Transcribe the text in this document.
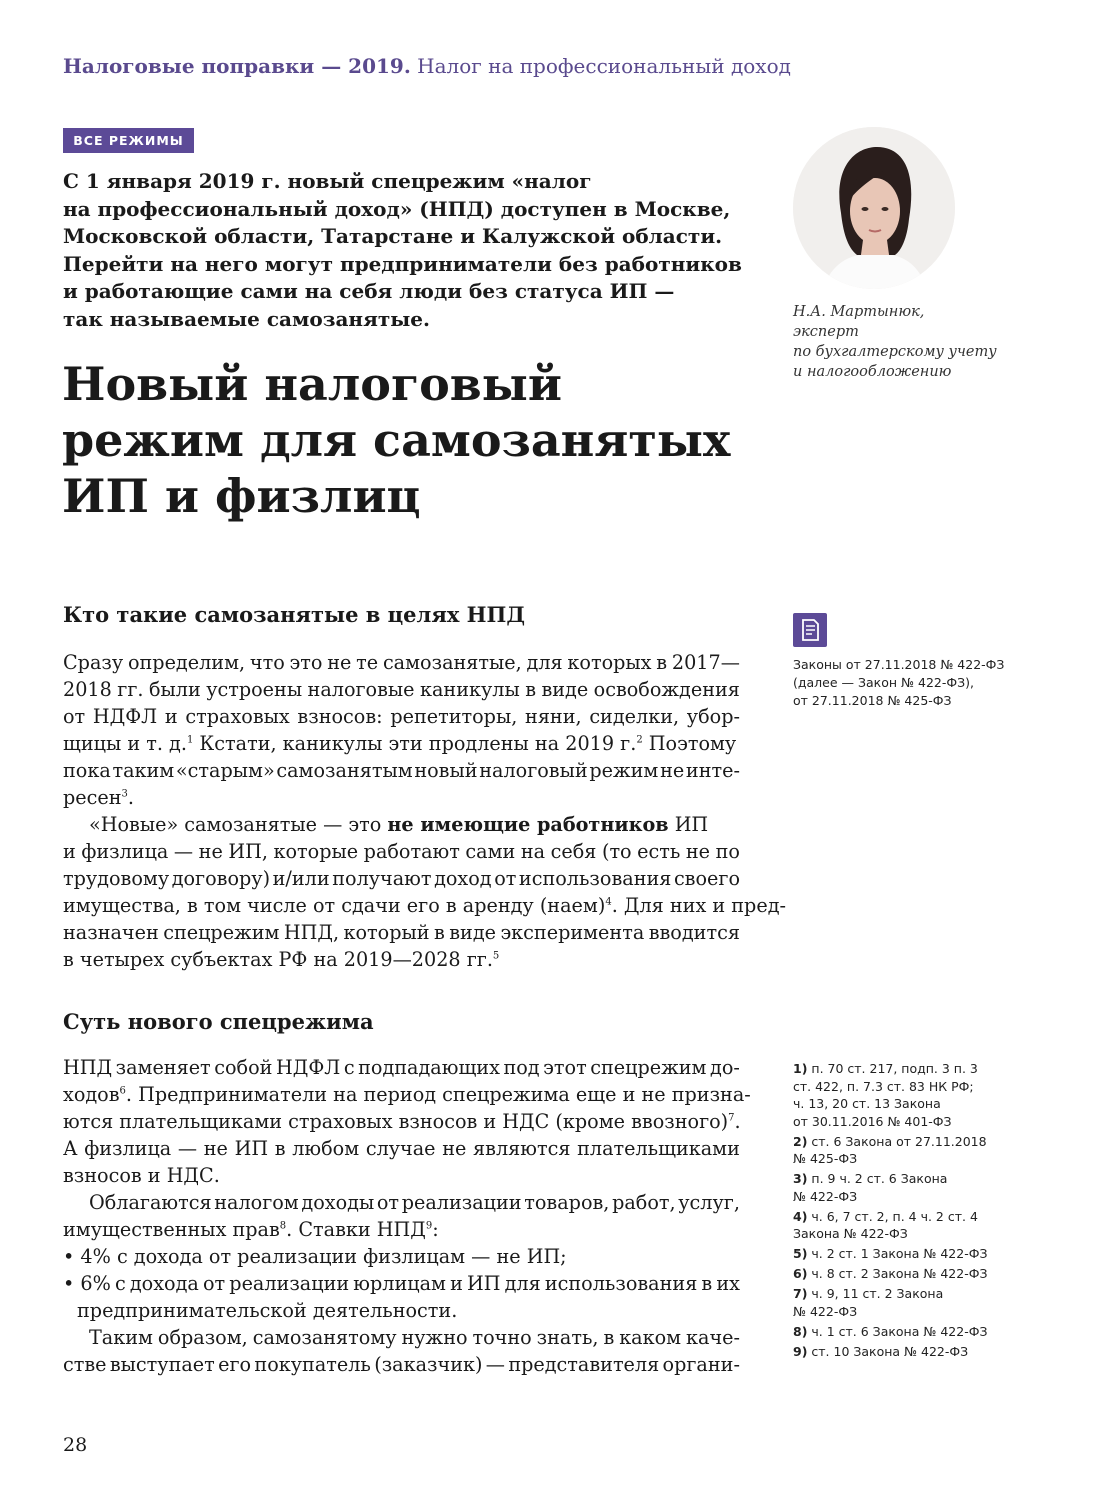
Налоговые поправки — 2019. Налог на профессиональный доход
ВСЕ РЕЖИМЫ
С 1 января 2019 г. новый спецрежим «налог
на профессиональный доход» (НПД) доступен в Москве,
Московской области, Татарстане и Калужской области.
Перейти на него могут предприниматели без работников
и работающие сами на себя люди без статуса ИП —
так называемые самозанятые.
Новый налоговый
режим для самозанятых
ИП и физлиц
Н.А. Мартынюк,
эксперт
по бухгалтерскому учету
и налогообложению
Кто такие самозанятые в целях НПД
Сразу определим, что это не те самозанятые, для которых в 2017—
2018 гг. были устроены налоговые каникулы в виде освобождения
от НДФЛ и страховых взносов: репетиторы, няни, сиделки, убор-
щицы и т. д.$^1$ Кстати, каникулы эти продлены на 2019 г.$^2$ Поэтому
пока таким «старым» самозанятым новый налоговый режим не инте-
ресен$^3$.
«Новые» самозанятые — это не имеющие работников ИП
и физлица — не ИП, которые работают сами на себя (то есть не по
трудовому договору) и/или получают доход от использования своего
имущества, в том числе от сдачи его в аренду (наем)$^4$. Для них и пред-
назначен спецрежим НПД, который в виде эксперимента вводится
в четырех субъектах РФ на 2019—2028 гг.$^5$
Суть нового спецрежима
НПД заменяет собой НДФЛ с подпадающих под этот спецрежим до-
ходов$^6$. Предприниматели на период спецрежима еще и не призна-
ются плательщиками страховых взносов и НДС (кроме ввозного)$^7$.
А физлица — не ИП в любом случае не являются плательщиками
взносов и НДС.
Облагаются налогом доходы от реализации товаров, работ, услуг,
имущественных прав$^8$. Ставки НПД$^9$:
• 4% с дохода от реализации физлицам — не ИП;
• 6% с дохода от реализации юрлицам и ИП для использования в их
предпринимательской деятельности.
Таким образом, самозанятому нужно точно знать, в каком каче-
стве выступает его покупатель (заказчик) — представителя органи-
Законы от 27.11.2018 № 422-ФЗ
(далее — Закон № 422-ФЗ),
от 27.11.2018 № 425-ФЗ
1) п. 70 ст. 217, подп. 3 п. 3
ст. 422, п. 7.3 ст. 83 НК РФ;
ч. 13, 20 ст. 13 Закона
от 30.11.2016 № 401-ФЗ
2) ст. 6 Закона от 27.11.2018
№ 425-ФЗ
3) п. 9 ч. 2 ст. 6 Закона
№ 422-ФЗ
4) ч. 6, 7 ст. 2, п. 4 ч. 2 ст. 4
Закона № 422-ФЗ
5) ч. 2 ст. 1 Закона № 422-ФЗ
6) ч. 8 ст. 2 Закона № 422-ФЗ
7) ч. 9, 11 ст. 2 Закона
№ 422-ФЗ
8) ч. 1 ст. 6 Закона № 422-ФЗ
9) ст. 10 Закона № 422-ФЗ
28
